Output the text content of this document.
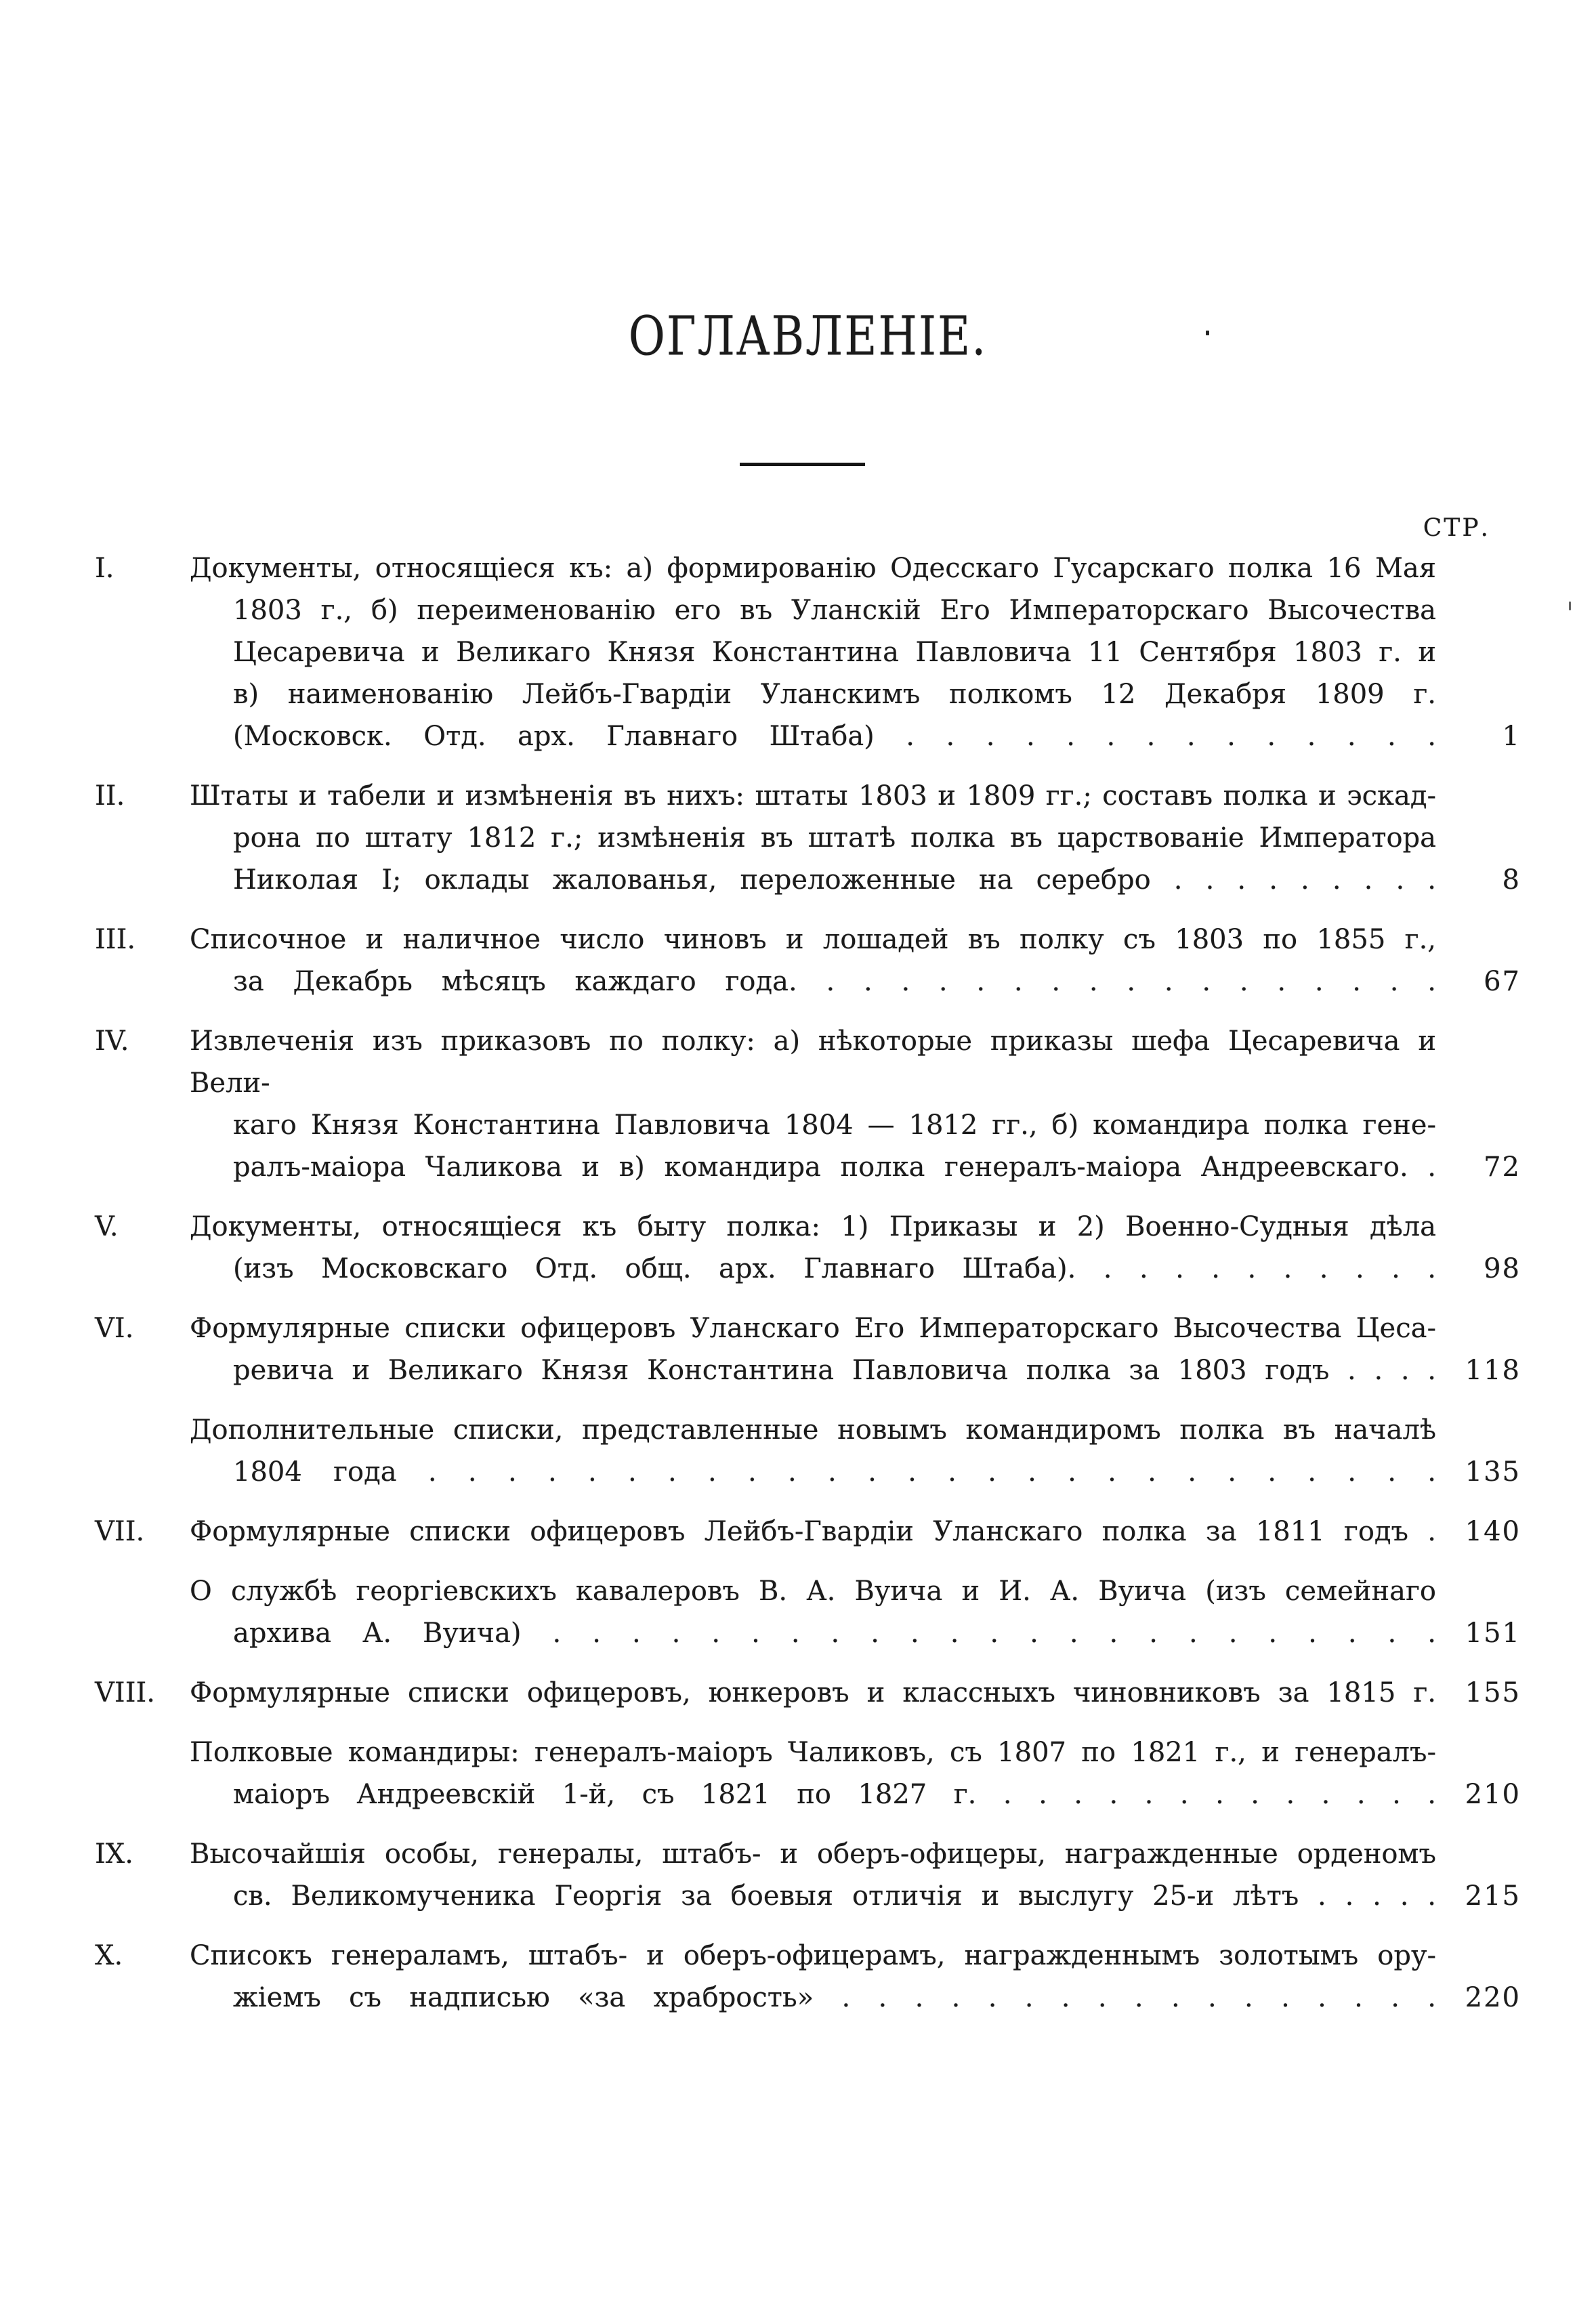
ОГЛАВЛЕНІЕ.
СТР.
I.	Документы, относящіеся къ: а) формированію Одесскаго Гусарскаго полка 16 Мая
1803 г., б) переименованію его въ Уланскій Его Императорскаго Высочества
Цесаревича и Великаго Князя Константина Павловича 11 Сентября 1803 г. и
в) наименованію Лейбъ-Гвардіи Уланскимъ полкомъ 12 Декабря 1809 г.
(Московск. Отд. арх. Главнаго Штаба) . . . . . . . . . . . . . .	1
II.	Штаты и табели и измѣненія въ нихъ: штаты 1803 и 1809 гг.; составъ полка и эскад-
рона по штату 1812 г.; измѣненія въ штатѣ полка въ царствованіе Императора
Николая I; оклады жалованья, переложенные на серебро . . . . . . . . .	8
III.	Списочное и наличное число чиновъ и лошадей въ полку съ 1803 по 1855 г.,
за Декабрь мѣсяцъ каждаго года. . . . . . . . . . . . . . . . . .	67
IV.	Извлеченія изъ приказовъ по полку: а) нѣкоторые приказы шефа Цесаревича и Вели-
каго Князя Константина Павловича 1804 — 1812 гг., б) командира полка гене-
ралъ-маіора Чаликова и в) командира полка генералъ-маіора Андреевскаго. .	72
V.	Документы, относящіеся къ быту полка: 1) Приказы и 2) Военно-Судныя дѣла
(изъ Московскаго Отд. общ. арх. Главнаго Штаба). . . . . . . . . . .	98
VI.	Формулярные списки офицеровъ Уланскаго Его Императорскаго Высочества Цеса-
ревича и Великаго Князя Константина Павловича полка за 1803 годъ . . . .	118
Дополнительные списки, представленные новымъ командиромъ полка въ началѣ
1804 года . . . . . . . . . . . . . . . . . . . . . . . . . .	135
VII.	Формулярные списки офицеровъ Лейбъ-Гвардіи Уланскаго полка за 1811 годъ .	140
О службѣ георгіевскихъ кавалеровъ В. А. Вуича и И. А. Вуича (изъ семейнаго
архива А. Вуича) . . . . . . . . . . . . . . . . . . . . . . .	151
VIII.	Формулярные списки офицеровъ, юнкеровъ и классныхъ чиновниковъ за 1815 г.	155
Полковые командиры: генералъ-маіоръ Чаликовъ, съ 1807 по 1821 г., и генералъ-
маіоръ Андреевскій 1-й, съ 1821 по 1827 г. . . . . . . . . . . . . .	210
IX.	Высочайшія особы, генералы, штабъ- и оберъ-офицеры, награжденные орденомъ
св. Великомученика Георгія за боевыя отличія и выслугу 25-и лѣтъ . . . . .	215
X.	Списокъ генераламъ, штабъ- и оберъ-офицерамъ, награжденнымъ золотымъ ору-
жіемъ съ надписью «за храбрость» . . . . . . . . . . . . . . . . .	220
